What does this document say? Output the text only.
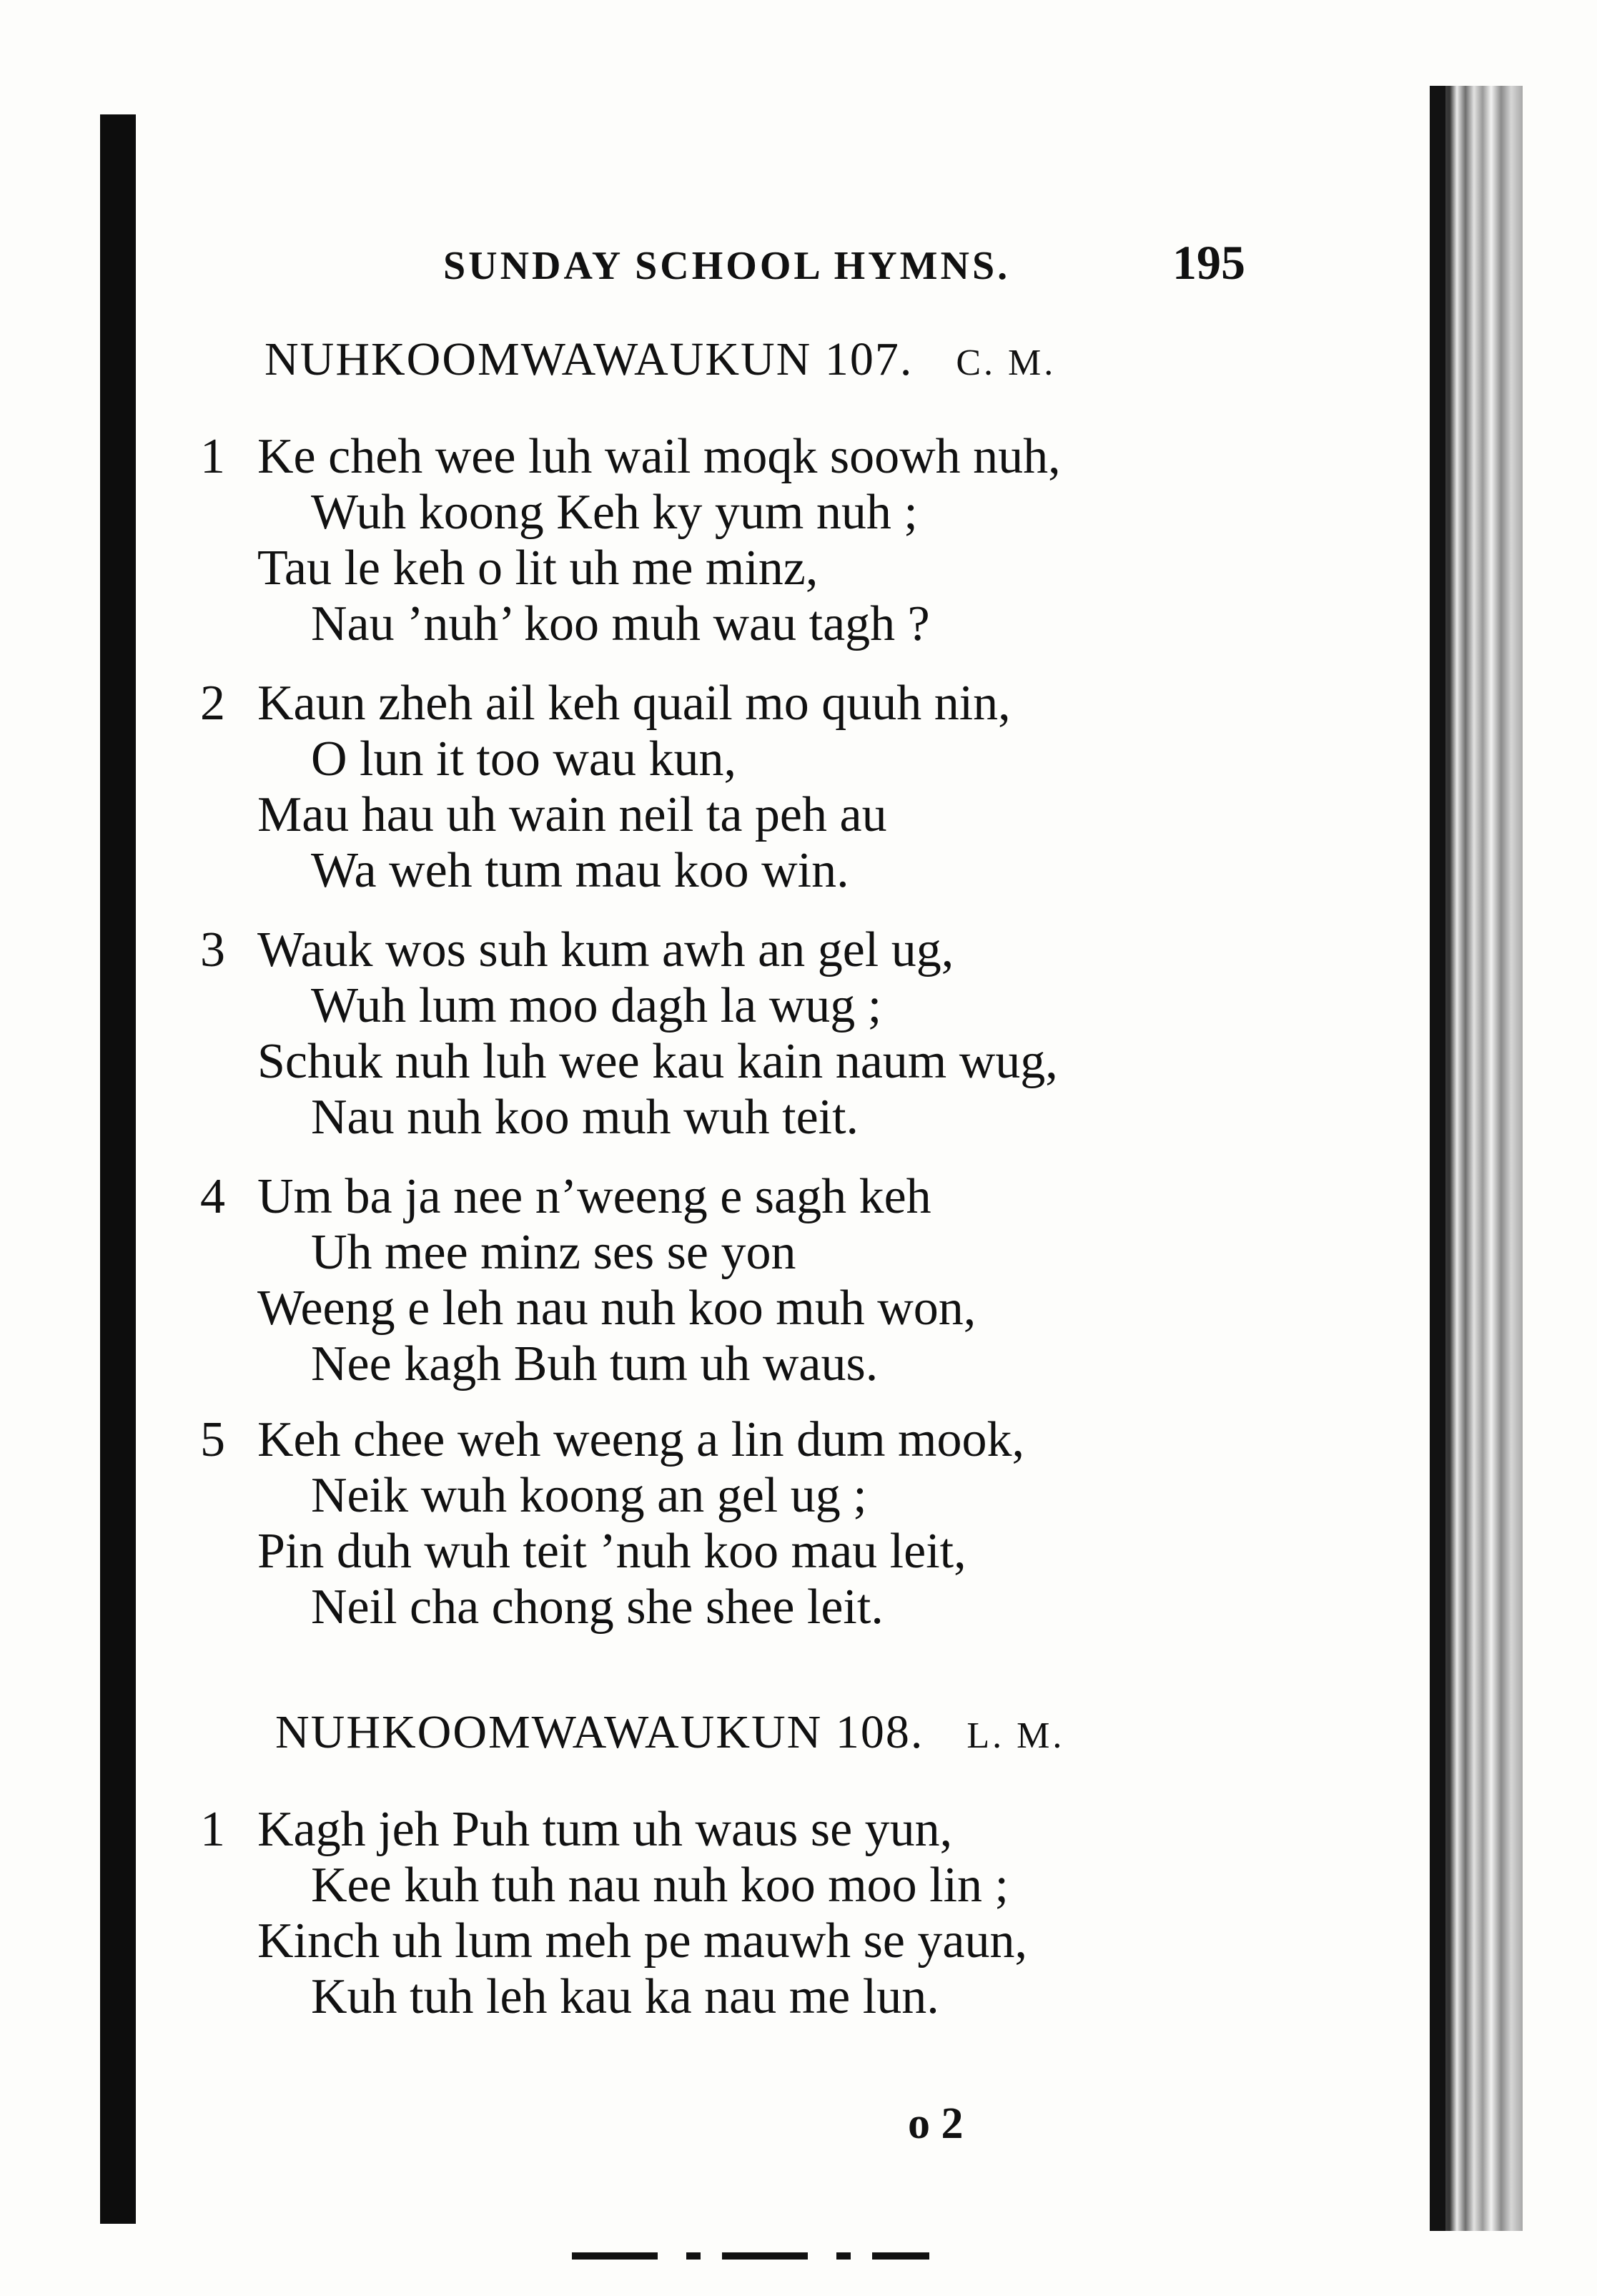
SUNDAY SCHOOL HYMNS.	195
NUHKOOMWAWAUKUN 107. C. M.
1 Ke cheh wee luh wail moqk soowh nuh,
Wuh koong Keh ky yum nuh ;
Tau le keh o lit uh me minz,
Nau ’nuh’ koo muh wau tagh ?
2 Kaun zheh ail keh quail mo quuh nin,
O lun it too wau kun,
Mau hau uh wain neil ta peh au
Wa weh tum mau koo win.
3 Wauk wos suh kum awh an gel ug,
Wuh lum moo dagh la wug ;
Schuk nuh luh wee kau kain naum wug,
Nau nuh koo muh wuh teit.
4 Um ba ja nee n’weeng e sagh keh
Uh mee minz ses se yon
Weeng e leh nau nuh koo muh won,
Nee kagh Buh tum uh waus.
5 Keh chee weh weeng a lin dum mook,
Neik wuh koong an gel ug ;
Pin duh wuh teit ’nuh koo mau leit,
Neil cha chong she shee leit.
NUHKOOMWAWAUKUN 108. L. M.
1 Kagh jeh Puh tum uh waus se yun,
Kee kuh tuh nau nuh koo moo lin ;
Kinch uh lum meh pe mauwh se yaun,
Kuh tuh leh kau ka nau me lun.
o 2
